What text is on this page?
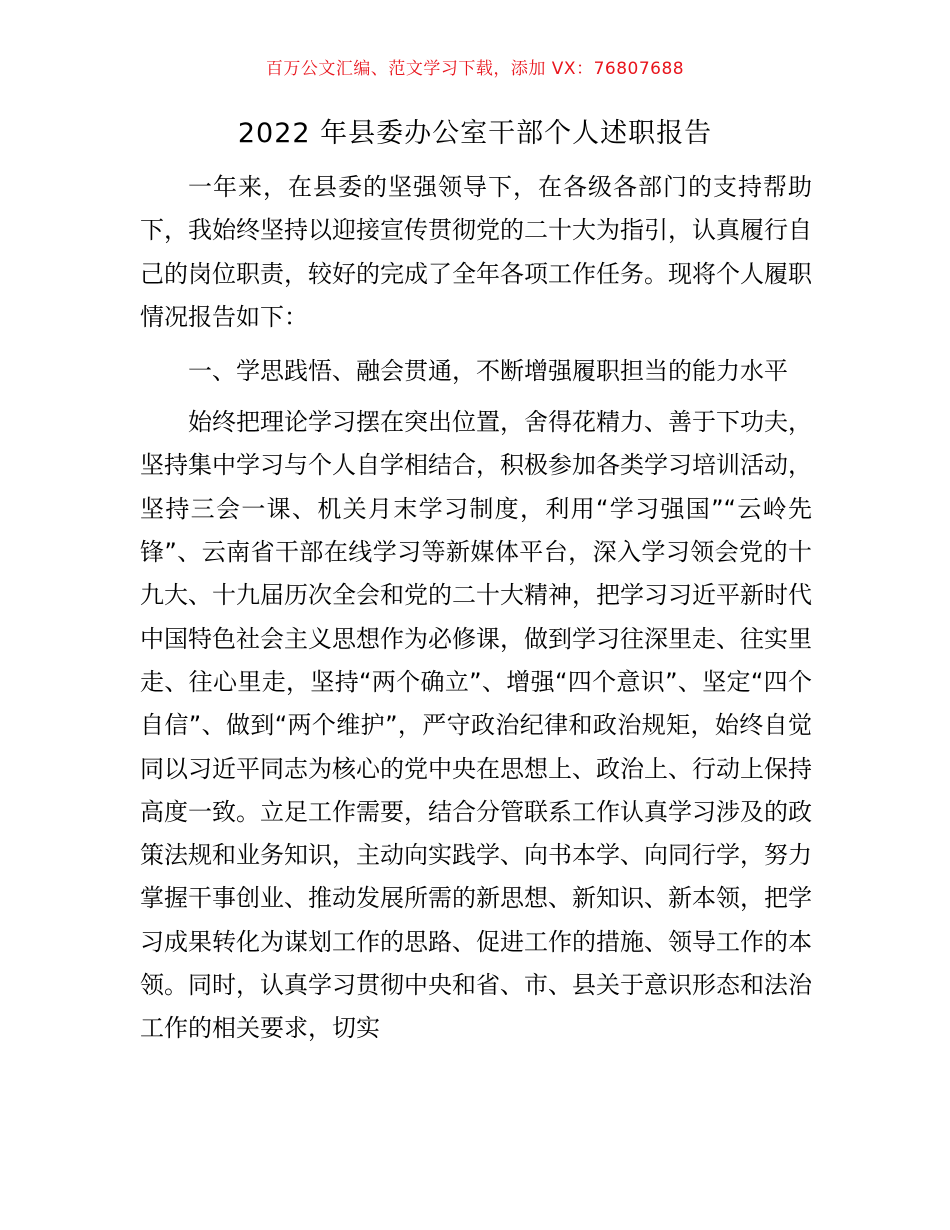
百万公文汇编、范文学习下载，添加 VX：76807688
2022 年县委办公室干部个人述职报告

一年来，在县委的坚强领导下，在各级各部门的支持帮助下，我始终坚持以迎接宣传贯彻党的二十大为指引，认真履行自己的岗位职责，较好的完成了全年各项工作任务。现将个人履职情况报告如下：

一、学思践悟、融会贯通，不断增强履职担当的能力水平

始终把理论学习摆在突出位置，舍得花精力、善于下功夫，坚持集中学习与个人自学相结合，积极参加各类学习培训活动，坚持三会一课、机关月末学习制度，利用“学习强国”“云岭先锋”、云南省干部在线学习等新媒体平台，深入学习领会党的十九大、十九届历次全会和党的二十大精神，把学习习近平新时代中国特色社会主义思想作为必修课，做到学习往深里走、往实里走、往心里走，坚持“两个确立”、增强“四个意识”、坚定“四个自信”、做到“两个维护”，严守政治纪律和政治规矩，始终自觉同以习近平同志为核心的党中央在思想上、政治上、行动上保持高度一致。立足工作需要，结合分管联系工作认真学习涉及的政策法规和业务知识，主动向实践学、向书本学、向同行学，努力掌握干事创业、推动发展所需的新思想、新知识、新本领，把学习成果转化为谋划工作的思路、促进工作的措施、领导工作的本领。同时，认真学习贯彻中央和省、市、县关于意识形态和法治工作的相关要求，切实
